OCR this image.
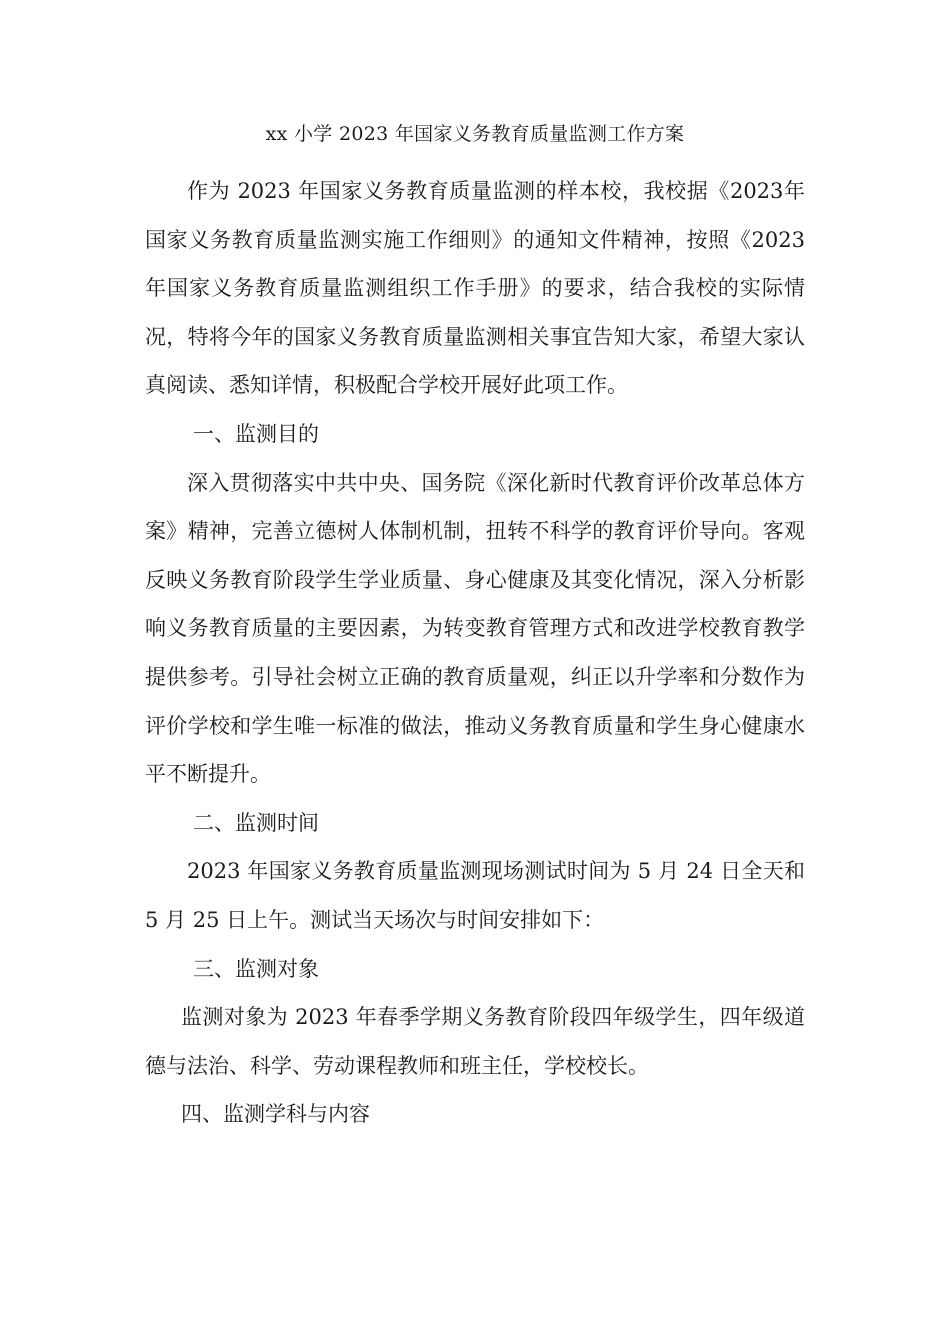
xx 小学 2023 年国家义务教育质量监测工作方案

作为 2023 年国家义务教育质量监测的样本校，我校据《2023年国家义务教育质量监测实施工作细则》的通知文件精神，按照《2023年国家义务教育质量监测组织工作手册》的要求，结合我校的实际情况，特将今年的国家义务教育质量监测相关事宜告知大家，希望大家认真阅读、悉知详情，积极配合学校开展好此项工作。

一、监测目的

深入贯彻落实中共中央、国务院《深化新时代教育评价改革总体方案》精神，完善立德树人体制机制，扭转不科学的教育评价导向。客观反映义务教育阶段学生学业质量、身心健康及其变化情况，深入分析影响义务教育质量的主要因素，为转变教育管理方式和改进学校教育教学提供参考。引导社会树立正确的教育质量观，纠正以升学率和分数作为评价学校和学生唯一标准的做法，推动义务教育质量和学生身心健康水平不断提升。

二、监测时间

2023 年国家义务教育质量监测现场测试时间为 5 月 24 日全天和 5 月 25 日上午。测试当天场次与时间安排如下：

三、监测对象

监测对象为 2023 年春季学期义务教育阶段四年级学生，四年级道德与法治、科学、劳动课程教师和班主任，学校校长。

四、监测学科与内容
